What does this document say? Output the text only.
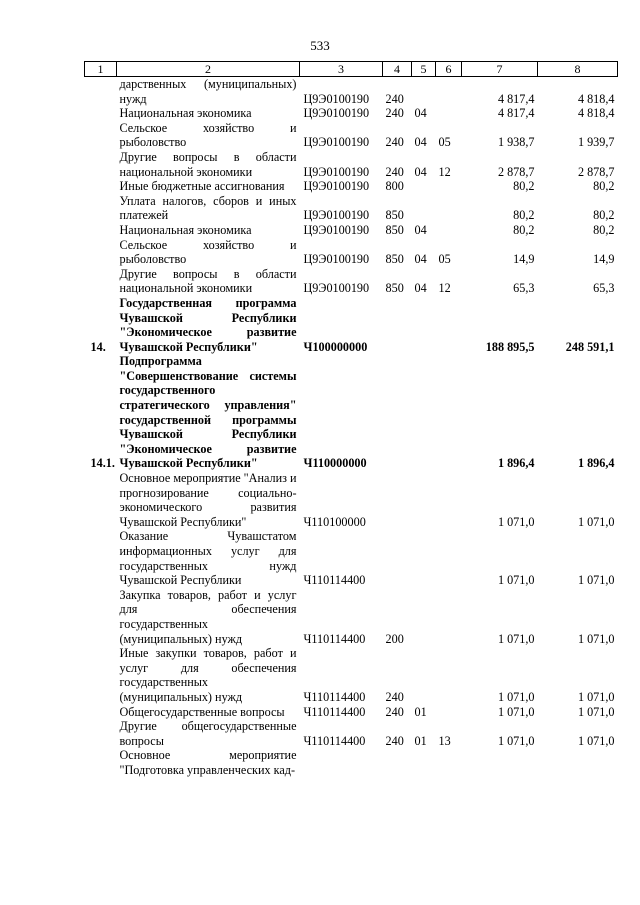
533
1	2	3	4	5	6	7	8
	дарственных (муниципальных) нужд	Ц9Э0100190	240			4 817,4	4 818,4
	Национальная экономика	Ц9Э0100190	240	04		4 817,4	4 818,4
	Сельское хозяйство и рыболовство	Ц9Э0100190	240	04	05	1 938,7	1 939,7
	Другие вопросы в области национальной экономики	Ц9Э0100190	240	04	12	2 878,7	2 878,7
	Иные бюджетные ассигнования	Ц9Э0100190	800			80,2	80,2
	Уплата налогов, сборов и иных платежей	Ц9Э0100190	850			80,2	80,2
	Национальная экономика	Ц9Э0100190	850	04		80,2	80,2
	Сельское хозяйство и рыболовство	Ц9Э0100190	850	04	05	14,9	14,9
	Другие вопросы в области национальной экономики	Ц9Э0100190	850	04	12	65,3	65,3
14.	Государственная программа Чувашской Республики "Экономическое развитие Чувашской Республики"	Ч100000000				188 895,5	248 591,1
14.1.	Подпрограмма "Совершенствование системы государственного стратегического управления" государственной программы Чувашской Республики "Экономическое развитие Чувашской Республики"	Ч110000000				1 896,4	1 896,4
	Основное мероприятие "Анализ и прогнозирование социально-экономического развития Чувашской Республики"	Ч110100000				1 071,0	1 071,0
	Оказание Чувашстатом информационных услуг для государственных нужд Чувашской Республики	Ч110114400				1 071,0	1 071,0
	Закупка товаров, работ и услуг для обеспечения государственных (муниципальных) нужд	Ч110114400	200			1 071,0	1 071,0
	Иные закупки товаров, работ и услуг для обеспечения государственных (муниципальных) нужд	Ч110114400	240			1 071,0	1 071,0
	Общегосударственные вопросы	Ч110114400	240	01		1 071,0	1 071,0
	Другие общегосударственные вопросы	Ч110114400	240	01	13	1 071,0	1 071,0
	Основное мероприятие "Подготовка управленческих кад-						
